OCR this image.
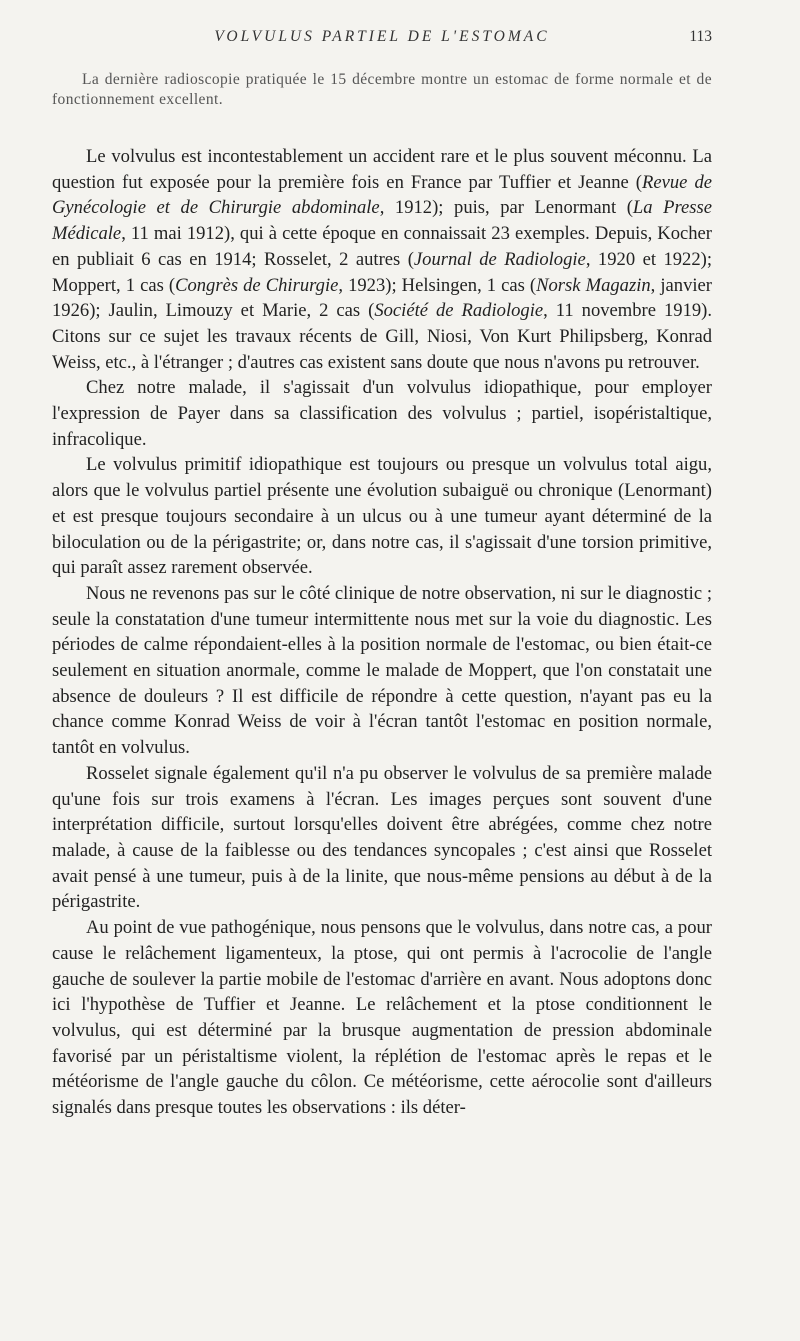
VOLVULUS PARTIEL DE L'ESTOMAC	113

La dernière radioscopie pratiquée le 15 décembre montre un estomac de forme normale et de fonctionnement excellent.

Le volvulus est incontestablement un accident rare et le plus souvent méconnu. La question fut exposée pour la première fois en France par Tuffier et Jeanne (Revue de Gynécologie et de Chirurgie abdominale, 1912); puis, par Lenormant (La Presse Médicale, 11 mai 1912), qui à cette époque en connaissait 23 exemples. Depuis, Kocher en publiait 6 cas en 1914; Rosselet, 2 autres (Journal de Radiologie, 1920 et 1922); Moppert, 1 cas (Congrès de Chirurgie, 1923); Helsingen, 1 cas (Norsk Magazin, janvier 1926); Jaulin, Limouzy et Marie, 2 cas (Société de Radiologie, 11 novembre 1919). Citons sur ce sujet les travaux récents de Gill, Niosi, Von Kurt Philipsberg, Konrad Weiss, etc., à l'étranger ; d'autres cas existent sans doute que nous n'avons pu retrouver.

Chez notre malade, il s'agissait d'un volvulus idiopathique, pour employer l'expression de Payer dans sa classification des volvulus ; partiel, isopéristaltique, infracolique.

Le volvulus primitif idiopathique est toujours ou presque un volvulus total aigu, alors que le volvulus partiel présente une évolution subaiguë ou chronique (Lenormant) et est presque toujours secondaire à un ulcus ou à une tumeur ayant déterminé de la biloculation ou de la périgastrite; or, dans notre cas, il s'agissait d'une torsion primitive, qui paraît assez rarement observée.

Nous ne revenons pas sur le côté clinique de notre observation, ni sur le diagnostic ; seule la constatation d'une tumeur intermittente nous met sur la voie du diagnostic. Les périodes de calme répondaient-elles à la position normale de l'estomac, ou bien était-ce seulement en situation anormale, comme le malade de Moppert, que l'on constatait une absence de douleurs ? Il est difficile de répondre à cette question, n'ayant pas eu la chance comme Konrad Weiss de voir à l'écran tantôt l'estomac en position normale, tantôt en volvulus.

Rosselet signale également qu'il n'a pu observer le volvulus de sa première malade qu'une fois sur trois examens à l'écran. Les images perçues sont souvent d'une interprétation difficile, surtout lorsqu'elles doivent être abrégées, comme chez notre malade, à cause de la faiblesse ou des tendances syncopales ; c'est ainsi que Rosselet avait pensé à une tumeur, puis à de la linite, que nous-même pensions au début à de la périgastrite.

Au point de vue pathogénique, nous pensons que le volvulus, dans notre cas, a pour cause le relâchement ligamenteux, la ptose, qui ont permis à l'acrocolie de l'angle gauche de soulever la partie mobile de l'estomac d'arrière en avant. Nous adoptons donc ici l'hypothèse de Tuffier et Jeanne. Le relâchement et la ptose conditionnent le volvulus, qui est déterminé par la brusque augmentation de pression abdominale favorisé par un péristaltisme violent, la réplétion de l'estomac après le repas et le météorisme de l'angle gauche du côlon. Ce météorisme, cette aérocolie sont d'ailleurs signalés dans presque toutes les observations : ils déter-
